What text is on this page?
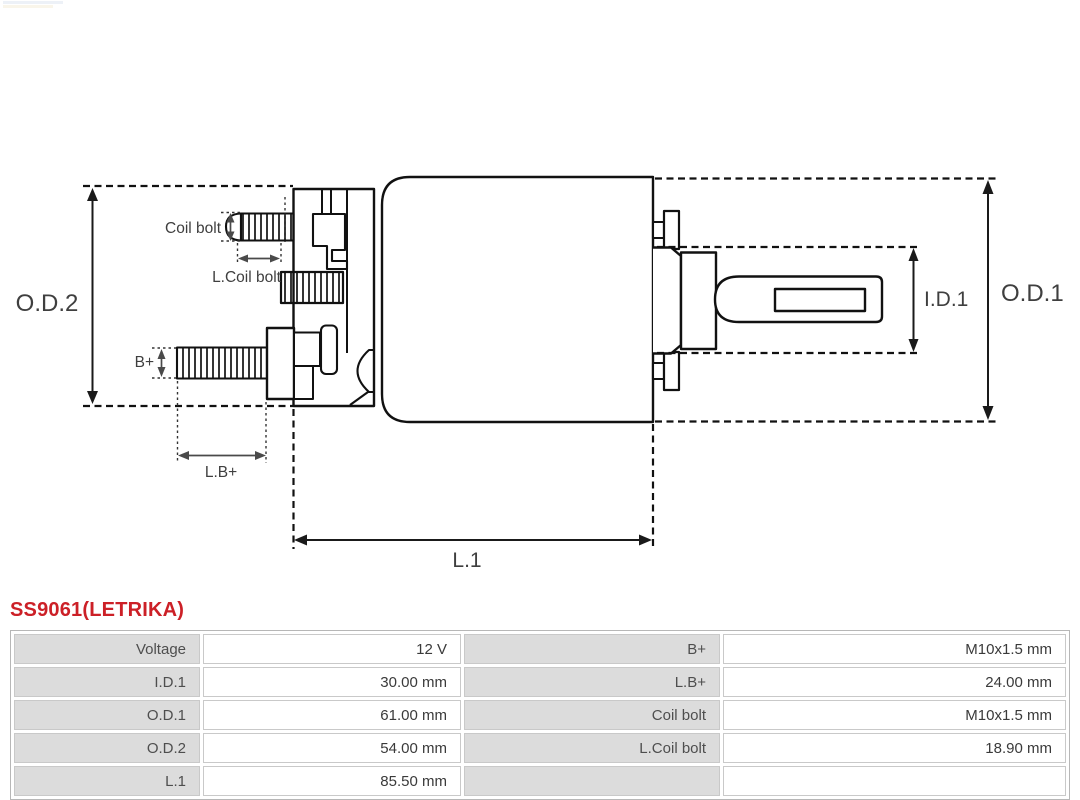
O.D.2	O.D.1
I.D.1
L.1
Coil bolt
L.Coil bolt
B+
L.B+
SS9061(LETRIKA)
Voltage	12 V	B+	M10x1.5 mm
I.D.1	30.00 mm	L.B+	24.00 mm
O.D.1	61.00 mm	Coil bolt	M10x1.5 mm
O.D.2	54.00 mm	L.Coil bolt	18.90 mm
L.1	85.50 mm		
